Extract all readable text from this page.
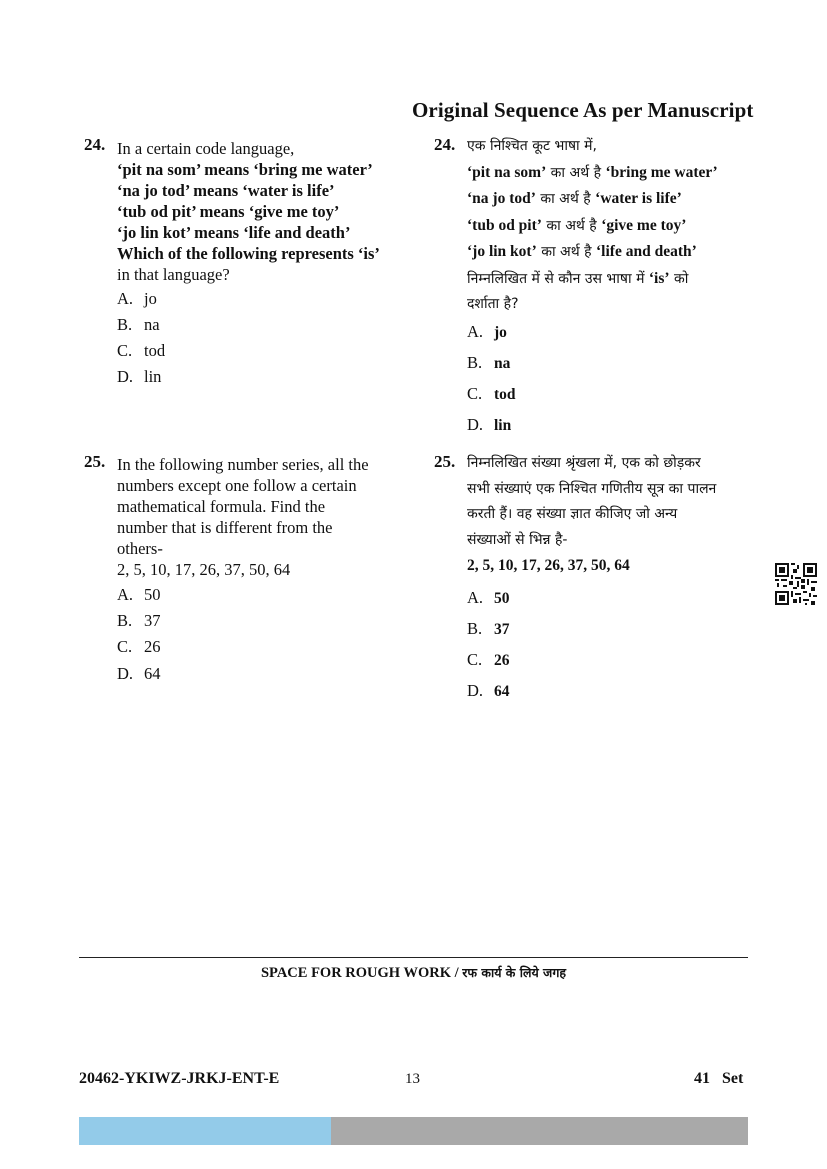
Original Sequence As per Manuscript
24. In a certain code language,
‘pit na som’ means ‘bring me water’
‘na jo tod’ means ‘water is life’
‘tub od pit’ means ‘give me toy’
‘jo lin kot’ means ‘life and death’
Which of the following represents ‘is’
in that language?
A. jo
B. na
C. tod
D. lin
24. एक निश्चित कूट भाषा में,
‘pit na som’ का अर्थ है ‘bring me water’
‘na jo tod’ का अर्थ है ‘water is life’
‘tub od pit’ का अर्थ है ‘give me toy’
‘jo lin kot’ का अर्थ है ‘life and death’
निम्नलिखित में से कौन उस भाषा में ‘is’ को
दर्शाता है?
A. jo
B. na
C. tod
D. lin
25. In the following number series, all the
numbers except one follow a certain
mathematical formula. Find the
number that is different from the
others-
2, 5, 10, 17, 26, 37, 50, 64
A. 50
B. 37
C. 26
D. 64
25. निम्नलिखित संख्या श्रृंखला में, एक को छोड़कर
सभी संख्याएं एक निश्चित गणितीय सूत्र का पालन
करती हैं। वह संख्या ज्ञात कीजिए जो अन्य
संख्याओं से भिन्न है-
2, 5, 10, 17, 26, 37, 50, 64
A. 50
B. 37
C. 26
D. 64
SPACE FOR ROUGH WORK / रफ कार्य के लिये जगह
20462-YKIWZ-JRKJ-ENT-E	13	41   Set
